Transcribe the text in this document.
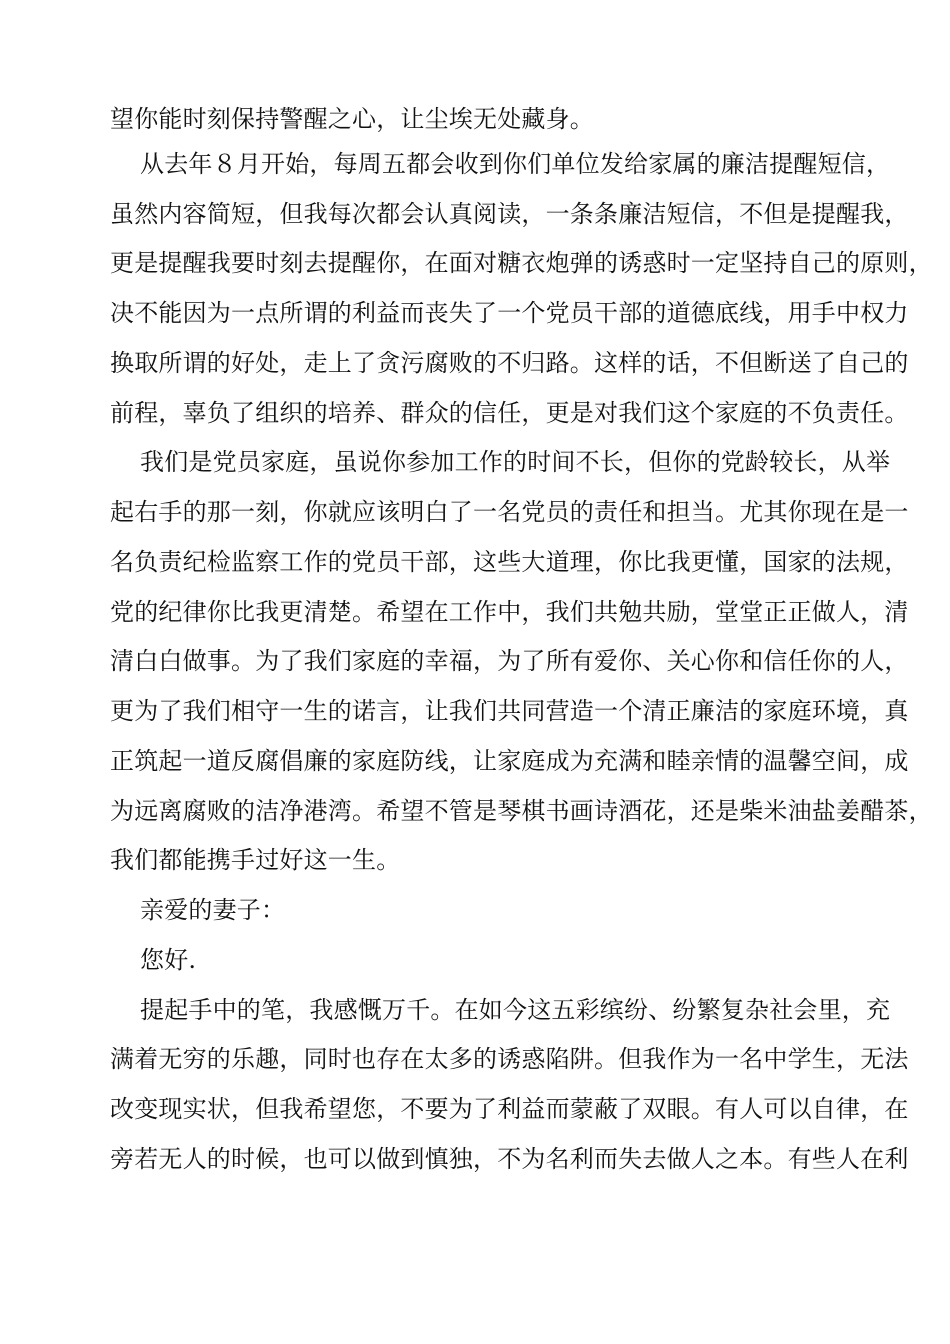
望你能时刻保持警醒之心，让尘埃无处藏身。

从去年８月开始，每周五都会收到你们单位发给家属的廉洁提醒短信，

虽然内容简短，但我每次都会认真阅读，一条条廉洁短信，不但是提醒我，

更是提醒我要时刻去提醒你，在面对糖衣炮弹的诱惑时一定坚持自己的原则，

决不能因为一点所谓的利益而丧失了一个党员干部的道德底线，用手中权力

换取所谓的好处，走上了贪污腐败的不归路。这样的话，不但断送了自己的

前程，辜负了组织的培养、群众的信任，更是对我们这个家庭的不负责任。

我们是党员家庭，虽说你参加工作的时间不长，但你的党龄较长，从举

起右手的那一刻，你就应该明白了一名党员的责任和担当。尤其你现在是一

名负责纪检监察工作的党员干部，这些大道理，你比我更懂，国家的法规，

党的纪律你比我更清楚。希望在工作中，我们共勉共励，堂堂正正做人，清

清白白做事。为了我们家庭的幸福，为了所有爱你、关心你和信任你的人，

更为了我们相守一生的诺言，让我们共同营造一个清正廉洁的家庭环境，真

正筑起一道反腐倡廉的家庭防线，让家庭成为充满和睦亲情的温馨空间，成

为远离腐败的洁净港湾。希望不管是琴棋书画诗酒花，还是柴米油盐姜醋茶，

我们都能携手过好这一生。

亲爱的妻子：

您好.

提起手中的笔，我感慨万千。在如今这五彩缤纷、纷繁复杂社会里，充

满着无穷的乐趣，同时也存在太多的诱惑陷阱。但我作为一名中学生，无法

改变现实状，但我希望您，不要为了利益而蒙蔽了双眼。有人可以自律，在

旁若无人的时候，也可以做到慎独，不为名利而失去做人之本。有些人在利
